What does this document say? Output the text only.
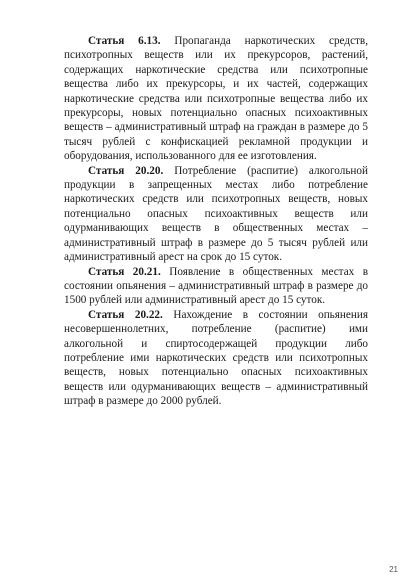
Статья 6.13. Пропаганда наркотических средств, психотропных веществ или их прекурсоров, растений, содержащих наркотические средства или психотропные вещества либо их прекурсоры, и их частей, содержащих наркотические средства или психотропные вещества либо их прекурсоры, новых потенциально опасных психоактивных веществ – административный штраф на граждан в размере до 5 тысяч рублей с конфискацией рекламной продукции и оборудования, использованного для ее изготовления.

Статья 20.20. Потребление (распитие) алкогольной продукции в запрещенных местах либо потребление наркотических средств или психотропных веществ, новых потенциально опасных психоактивных веществ или одурманивающих веществ в общественных местах – административный штраф в размере до 5 тысяч рублей или административный арест на срок до 15 суток.

Статья 20.21. Появление в общественных местах в состоянии опьянения – административный штраф в размере до 1500 рублей или административный арест до 15 суток.

Статья 20.22. Нахождение в состоянии опьянения несовершеннолетних, потребление (распитие) ими алкогольной и спиртосодержащей продукции либо потребление ими наркотических средств или психотропных веществ, новых потенциально опасных психоактивных веществ или одурманивающих веществ – административный штраф в размере до 2000 рублей.

21
